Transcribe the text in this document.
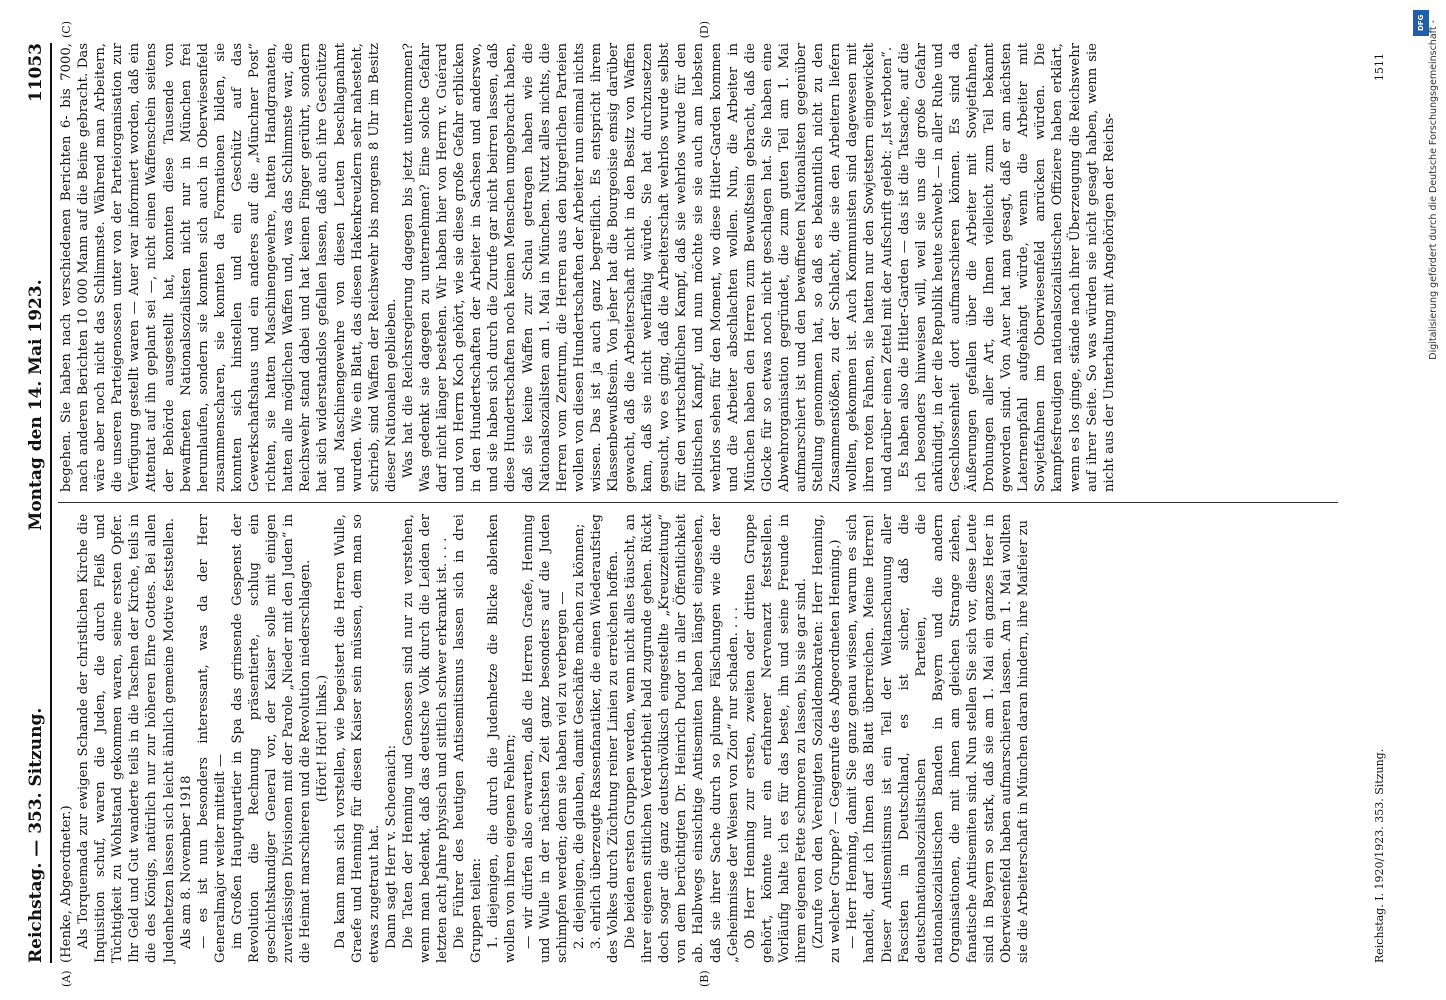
Reichstag. — 353. Sitzung.
Montag den 14. Mai 1923.
11053

(Henke, Abgeordneter.) Als Torquemada zur ewigen Schande der christlichen Kirche die Inquisition schuf, waren die Juden, die durch Fleiß und Tüchtigkeit zu Wohlstand gekommen waren, seine ersten Opfer. Ihr Geld und Gut wanderte teils in die Taschen der Kirche, teils in die des Königs, natürlich nur zur höheren Ehre Gottes. Bei allen Judenhetzen lassen sich leicht ähnlich gemeine Motive feststellen. Als am 8. November 1918 — es ist nun besonders interessant, was da der Herr Generalmajor weiter mitteilt — im Großen Hauptquartier in Spa das grinsende Gespenst der Revolution die Rechnung präsentierte, schlug ein geschichtskundiger General vor, der Kaiser solle mit einigen zuverlässigen Divisionen mit der Parole „Nieder mit den Juden“ in die Heimat marschieren und die Revolution niederschlagen. (Hört! Hört! links.) Da kann man sich vorstellen, wie begeistert die Herren Wulle, Graefe und Henning für diesen Kaiser sein müssen, dem man so etwas zugetraut hat. Dann sagt Herr v. Schoenaich: Die Taten der Henning und Genossen sind nur zu verstehen, wenn man bedenkt, daß das deutsche Volk durch die Leiden der letzten acht Jahre physisch und sittlich schwer erkrankt ist. . . . Die Führer des heutigen Antisemitismus lassen sich in drei Gruppen teilen: 1. diejenigen, die durch die Judenhetze die Blicke ablenken wollen von ihren eigenen Fehlern; — wir dürfen also erwarten, daß die Herren Graefe, Henning und Wulle in der nächsten Zeit ganz besonders auf die Juden schimpfen werden; denn sie haben viel zu verbergen — 2. diejenigen, die glauben, damit Geschäfte machen zu können; 3. ehrlich überzeugte Rassenfanatiker, die einen Wiederaufstieg des Volkes durch Züchtung reiner Linien zu erreichen hoffen. Die beiden ersten Gruppen werden, wenn nicht alles täuscht, an ihrer eigenen sittlichen Verderbtheit bald zugrunde gehen. Rückt doch sogar die ganz deutschvölkisch eingestellte „Kreuzzeitung“ von dem berüchtigten Dr. Heinrich Pudor in aller Öffentlichkeit ab. Halbwegs einsichtige Antisemiten haben längst eingesehen, daß sie ihrer Sache durch so plumpe Fälschungen wie die der „Geheimnisse der Weisen von Zion“ nur schaden. . . . Ob Herr Henning zur ersten, zweiten oder dritten Gruppe gehört, könnte nur ein erfahrener Nervenarzt feststellen. Vorläufig halte ich es für das beste, ihn und seine Freunde in ihrem eigenen Fette schmoren zu lassen, bis sie gar sind. (Zurufe von den Vereinigten Sozialdemokraten: Herr Henning, zu welcher Gruppe? — Gegenrufe des Abgeordneten Henning.) — Herr Henning, damit Sie ganz genau wissen, warum es sich handelt, darf ich Ihnen das Blatt überreichen. Meine Herren! Dieser Antisemitismus ist ein Teil der Weltanschauung aller Fascisten in Deutschland, es ist sicher, daß die deutschnationalsozialistischen Parteien, die nationalsozialistischen Banden in Bayern und die andern Organisationen, die mit ihnen am gleichen Strange ziehen, fanatische Antisemiten sind. Nun stellen Sie sich vor, diese Leute sind in Bayern so stark, daß sie am 1. Mai ein ganzes Heer in Oberwiesenfeld haben aufmarschieren lassen. Am 1. Mai wollten sie die Arbeiterschaft in München daran hindern, ihre Maifeier zu

begehen. Sie haben nach verschiedenen Berichten 6- bis 7000, nach anderen Berichten 10 000 Mann auf die Beine gebracht. Das wäre aber noch nicht das Schlimmste. Während man Arbeitern, die unseren Parteigenossen unter von der Parteiorganisation zur Verfügung gestellt waren — Auer war informiert worden, daß ein Attentat auf ihn geplant sei —, nicht einen Waffenschein seitens der Behörde ausgestellt hat, konnten diese Tausende von bewaffneten Nationalsozialisten nicht nur in München frei herumlaufen, sondern sie konnten sich auch in Oberwiesenfeld zusammenscharen, sie konnten da Formationen bilden, sie konnten sich hinstellen und ein Geschütz auf das Gewerkschaftshaus und ein anderes auf die „Münchner Post“ richten, sie hatten Maschinengewehre, hatten Handgranaten, hatten alle möglichen Waffen und, was das Schlimmste war, die Reichswehr stand dabei und hat keinen Finger gerührt, sondern hat sich widerstandslos gefallen lassen, daß auch ihre Geschütze und Maschinengewehre von diesen Leuten beschlagnahmt wurden. Wie ein Blatt, das diesen Hakenkreuzlern sehr nahesteht, schrieb, sind Waffen der Reichswehr bis morgens 8 Uhr im Besitz dieser Nationalen geblieben. Was hat die Reichsregierung dagegen bis jetzt unternommen? Was gedenkt sie dagegen zu unternehmen? Eine solche Gefahr darf nicht länger bestehen. Wir haben hier von Herrn v. Guérard und von Herrn Koch gehört, wie sie diese große Gefahr erblicken in den Hundertschaften der Arbeiter in Sachsen und anderswo, und sie haben sich durch die Zurufe gar nicht beirren lassen, daß diese Hundertschaften noch keinen Menschen umgebracht haben, daß sie keine Waffen zur Schau getragen haben wie die Nationalsozialisten am 1. Mai in München. Nutzt alles nichts, die Herren vom Zentrum, die Herren aus den bürgerlichen Parteien wollen von diesen Hundertschaften der Arbeiter nun einmal nichts wissen. Das ist ja auch ganz begreiflich. Es entspricht ihrem Klassenbewußtsein. Von jeher hat die Bourgeoisie emsig darüber gewacht, daß die Arbeiterschaft nicht in den Besitz von Waffen kam, daß sie nicht wehrfähig würde. Sie hat durchzusetzen gesucht, wo es ging, daß die Arbeiterschaft wehrlos wurde selbst für den wirtschaftlichen Kampf, daß sie wehrlos wurde für den politischen Kampf, und nun möchte sie sie auch am liebsten wehrlos sehen für den Moment, wo diese Hitler-Garden kommen und die Arbeiter abschlachten wollen. Nun, die Arbeiter in München haben den Herren zum Bewußtsein gebracht, daß die Glocke für so etwas noch nicht geschlagen hat. Sie haben eine Abwehrorganisation gegründet, die zum guten Teil am 1. Mai aufmarschiert ist und den bewaffneten Nationalisten gegenüber Stellung genommen hat, so daß es bekanntlich nicht zu den Zusammenstößen, zu der Schlacht, die sie den Arbeitern liefern wollten, gekommen ist. Auch Kommunisten sind dagewesen mit ihren roten Fahnen, sie hatten nur den Sowjetstern eingewickelt und darüber einen Zettel mit der Aufschrift gelebt: „Ist verboten“. Es haben also die Hitler-Garden — das ist die Tatsache, auf die ich besonders hinweisen will, weil sie uns die große Gefahr ankündigt, in der die Republik heute schwebt — in aller Ruhe und Geschlossenheit dort aufmarschieren können. Es sind da Äußerungen gefallen über die Arbeiter mit Sowjetfahnen, Drohungen aller Art, die Ihnen vielleicht zum Teil bekannt geworden sind. Von Auer hat man gesagt, daß er am nächsten Laternenpfahl aufgehängt würde, wenn die Arbeiter mit Sowjetfahnen im Oberwiesenfeld anrücken würden. Die kampfesfreudigen nationalsozialistischen Offiziere haben erklärt, wenn es los ginge, stände nach ihrer Überzeugung die Reichswehr auf ihrer Seite. So was würden sie nicht gesagt haben, wenn sie nicht aus der Unterhaltung mit Angehörigen der Reichs-

(A)	(B)
(C)	(D)
Reichstag. I. 1920/1923. 353. Sitzung.
1511
DFG Digitalisierung gefördert durch die Deutsche Forschungsgemeinschaft -
